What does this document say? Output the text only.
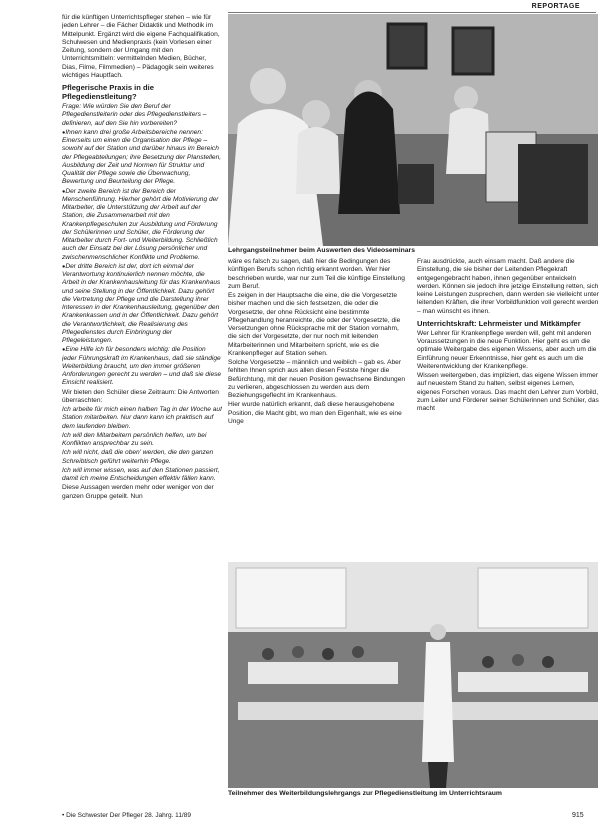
REPORTAGE

für die künftigen Unterrichtspfleger stehen – wie für jeden Lehrer – die Fächer Didaktik und Methodik im Mittelpunkt. Ergänzt wird die eigene Fachqualifikation, Schulwesen und Medienpraxis (kein Vorlesen einer Zeitung, sondern der Umgang mit den Unterrichtsmitteln: vermittelnden Medien, Bücher, Dias, Filme, Filmmedien) – Pädagogik sein weiteres wichtiges Hauptfach.

Pflegerische Praxis in die Pflegedienstleitung?

Frage: Wie würden Sie den Beruf der Pflegedienstleiterin oder des Pflegedienstleiters – definieren, auf den Sie hin vorbereiten?

● Ihnen kann drei große Arbeitsbereiche nennen: Einerseits um einen die Organisation der Pflege – sowohl auf der Station und darüber hinaus im Bereich der Pflegeabteilungen; ihre Besetzung der Planstellen, Ausbildung der Zeit und Normen für Struktur und Qualität der Pflege sowie die Überwachung, Bewertung und Beurteilung der Pflege.

● Der zweite Bereich ist der Bereich der Menschenführung. Hierher gehört die Motivierung der Mitarbeiter, die Unterstützung der Arbeit auf der Station, die Zusammenarbeit mit den Krankenpflegeschulen zur Ausbildung und Förderung der Schülerinnen und Schüler, die Förderung der Mitarbeiter durch Fort- und Weiterbildung. Schließlich auch der Einsatz bei der Lösung persönlicher und zwischenmenschlicher Konflikte und Probleme.

● Der dritte Bereich ist der, dort ich einmal der Verantwortung kontinuierlich nennen möchte, die Arbeit in der Krankenhausleitung für das Krankenhaus und seine Stellung in der Öffentlichkeit. Dazu gehört die Vertretung der Pflege und die Darstellung ihrer Interessen in der Krankenhausleitung, gegenüber den Krankenkassen und in der Öffentlichkeit. Dazu gehört die Verantwortlichkeit, die Realisierung des Pflegedienstes durch Einbringung der Pflegeleistungen.

● Eine Hilfe ich für besonders wichtig: die Position jeder Führungskraft im Krankenhaus, daß sie ständige Weiterbildung braucht, um den immer größeren Anforderungen gerecht zu werden – und daß sie diese Einsicht realisiert.

Wir bieten den Schüler diese Zeitraum: Die Antworten überraschten:

Ich arbeite für mich einen halben Tag in der Woche auf Station mitarbeiten. Nur dann kann ich praktisch auf dem laufenden bleiben.

Ich will den Mitarbeitern persönlich helfen, um bei Konflikten ansprechbar zu sein.

Ich will nicht, daß die oben' werden, die den ganzen Schreibtisch geführt weiterhin Pflege.

Ich will immer wissen, was auf den Stationen passiert, damit ich meine Entscheidungen effektiv fällen kann.

Diese Aussagen werden mehr oder weniger von der ganzen Gruppe geteilt. Nun

Lehrgangsteilnehmer beim Auswerten des Videoseminars

wäre es falsch zu sagen, daß hier die Bedingungen des künftigen Berufs schon richtig erkannt worden. Wer hier beschrieben wurde, war nur zum Teil die künftige Einstellung zum Beruf.

Es zeigen in der Hauptsache die eine, die die Vorgesetzte bisher machen und die sich festsetzen, die oder die Vorgesetzte, der ohne Rücksicht eine bestimmte Pflegehandlung heranreichte, die oder der Vorgesetzte, die Versetzungen ohne Rücksprache mit der Station vornahm, die sich der Vorgesetzte, der nur noch mit leitenden Mitarbeiterinnen und Mitarbeitern spricht, wie es die Krankenpfleger auf Station sehen.

Solche Vorgesetzte – männlich und weiblich – gab es. Aber fehlten Ihnen sprich aus allen diesen Festste hinger die Befürchtung, mit der neuen Position gewachsene Bindungen zu verlieren, abgeschlossen zu werden aus dem Beziehungsgeflecht im Krankenhaus.

Hier wurde natürlich erkannt, daß diese herausgehobene Position, die Macht gibt, wo man den Eigenhalt, wie es eine Unge

Frau ausdrückte, auch einsam macht. Daß andere die Einstellung, die sie bisher der Leitenden Pflegekraft entgegengebracht haben, ihnen gegenüber entwickeln werden. Können sie jedoch ihre jetzige Einstellung retten, sich keine Leistungen zusprechen, dann werden sie vielleicht unter leitenden Kräften, die ihrer Vorbildfunktion voll gerecht werden – man wünscht es ihnen.

Unterrichtskraft: Lehrmeister und Mitkämpfer

Wer Lehrer für Krankenpflege werden will, geht mit anderen Voraussetzungen in die neue Funktion. Hier geht es um die optimale Weitergabe des eigenen Wissens, aber auch um die Einführung neuer Erkenntnisse, hier geht es auch um die Weiterentwicklung der Krankenpflege.

Wissen weitergeben, das impliziert, das eigene Wissen immer auf neuestem Stand zu halten, selbst eigenes Lernen, eigenes Forschen voraus. Das macht den Lehrer zum Vorbild, zum Leiter und Förderer seiner Schülerinnen und Schüler, das macht

Teilnehmer des Weiterbildungslehrgangs zur Pflegedienstleitung im Unterrichtsraum
• Die Schwester Der Pfleger 28. Jahrg. 11/89	915
